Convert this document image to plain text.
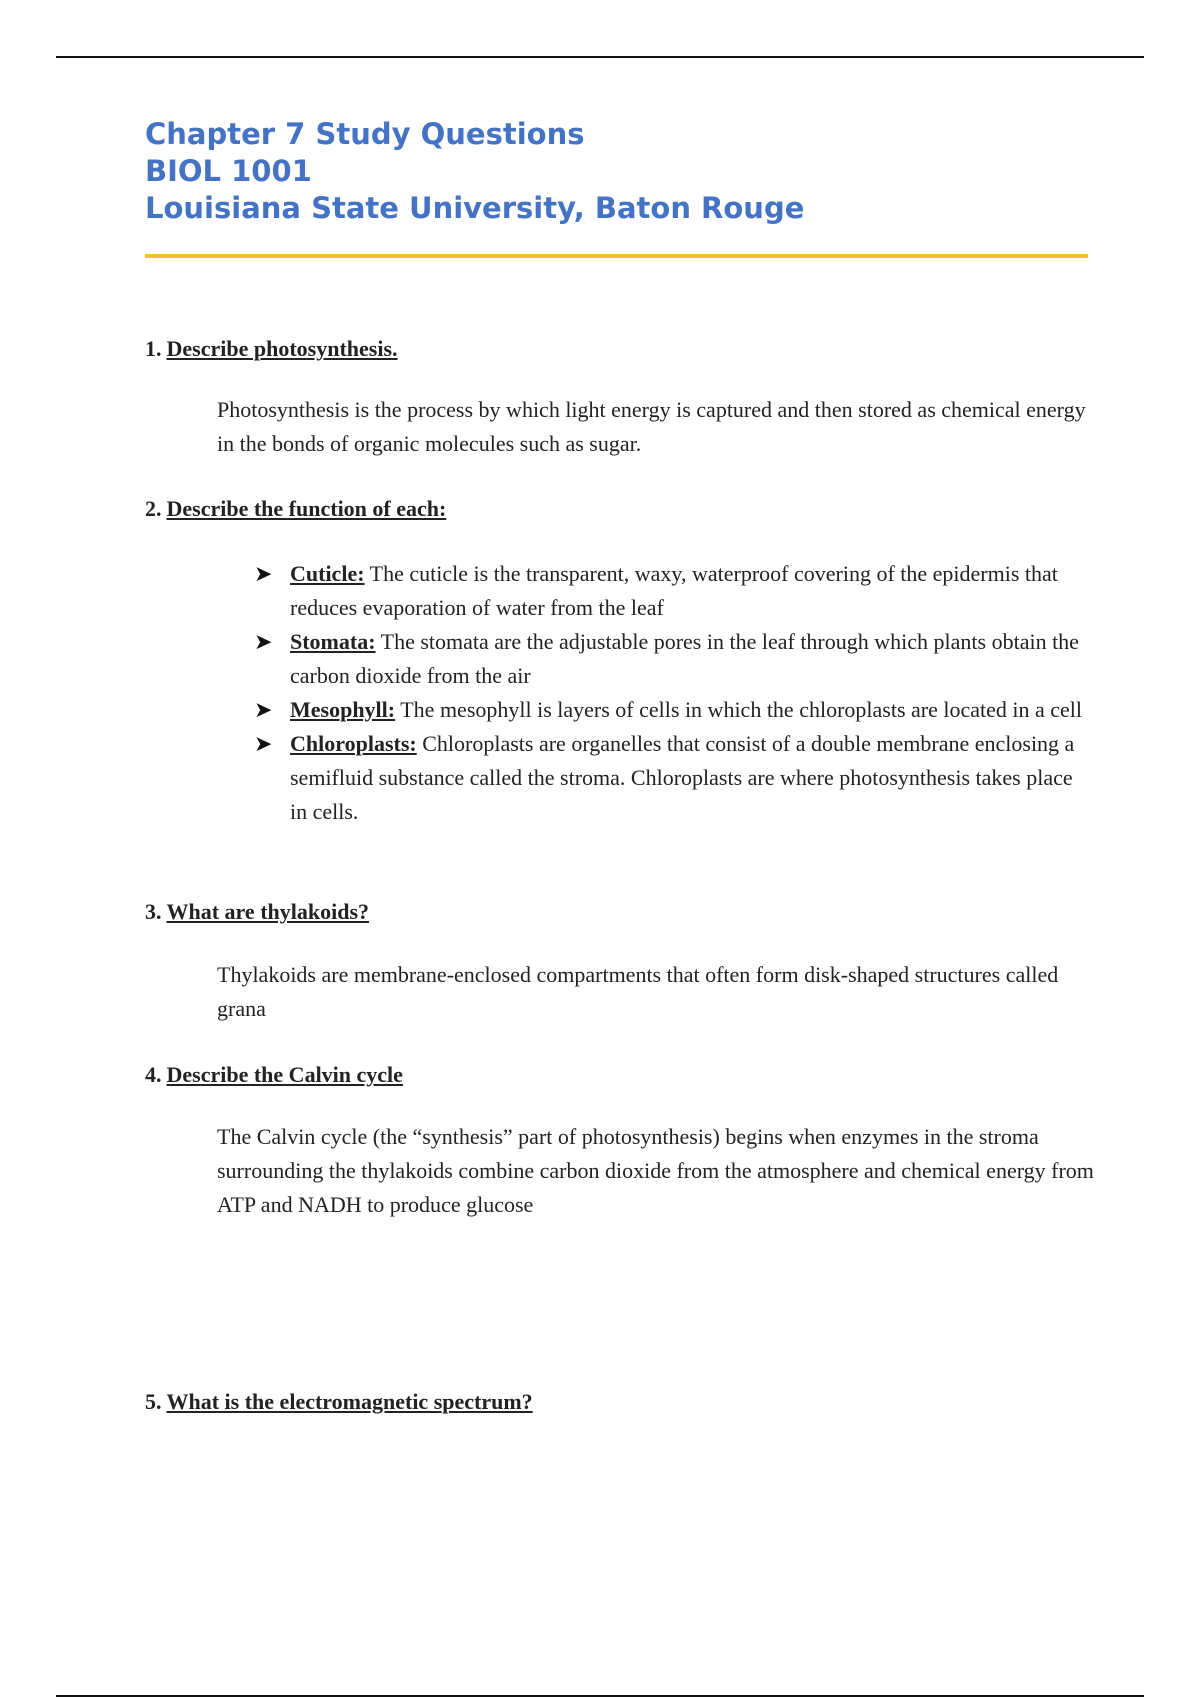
Chapter 7 Study Questions
BIOL 1001
Louisiana State University, Baton Rouge
1. Describe photosynthesis.
Photosynthesis is the process by which light energy is captured and then stored as chemical energy in the bonds of organic molecules such as sugar.
2. Describe the function of each:
➤ Cuticle: The cuticle is the transparent, waxy, waterproof covering of the epidermis that reduces evaporation of water from the leaf
➤ Stomata: The stomata are the adjustable pores in the leaf through which plants obtain the carbon dioxide from the air
➤ Mesophyll: The mesophyll is layers of cells in which the chloroplasts are located in a cell
➤ Chloroplasts: Chloroplasts are organelles that consist of a double membrane enclosing a semifluid substance called the stroma. Chloroplasts are where photosynthesis takes place in cells.
3. What are thylakoids?
Thylakoids are membrane-enclosed compartments that often form disk-shaped structures called grana
4. Describe the Calvin cycle
The Calvin cycle (the “synthesis” part of photosynthesis) begins when enzymes in the stroma surrounding the thylakoids combine carbon dioxide from the atmosphere and chemical energy from ATP and NADH to produce glucose
5. What is the electromagnetic spectrum?
